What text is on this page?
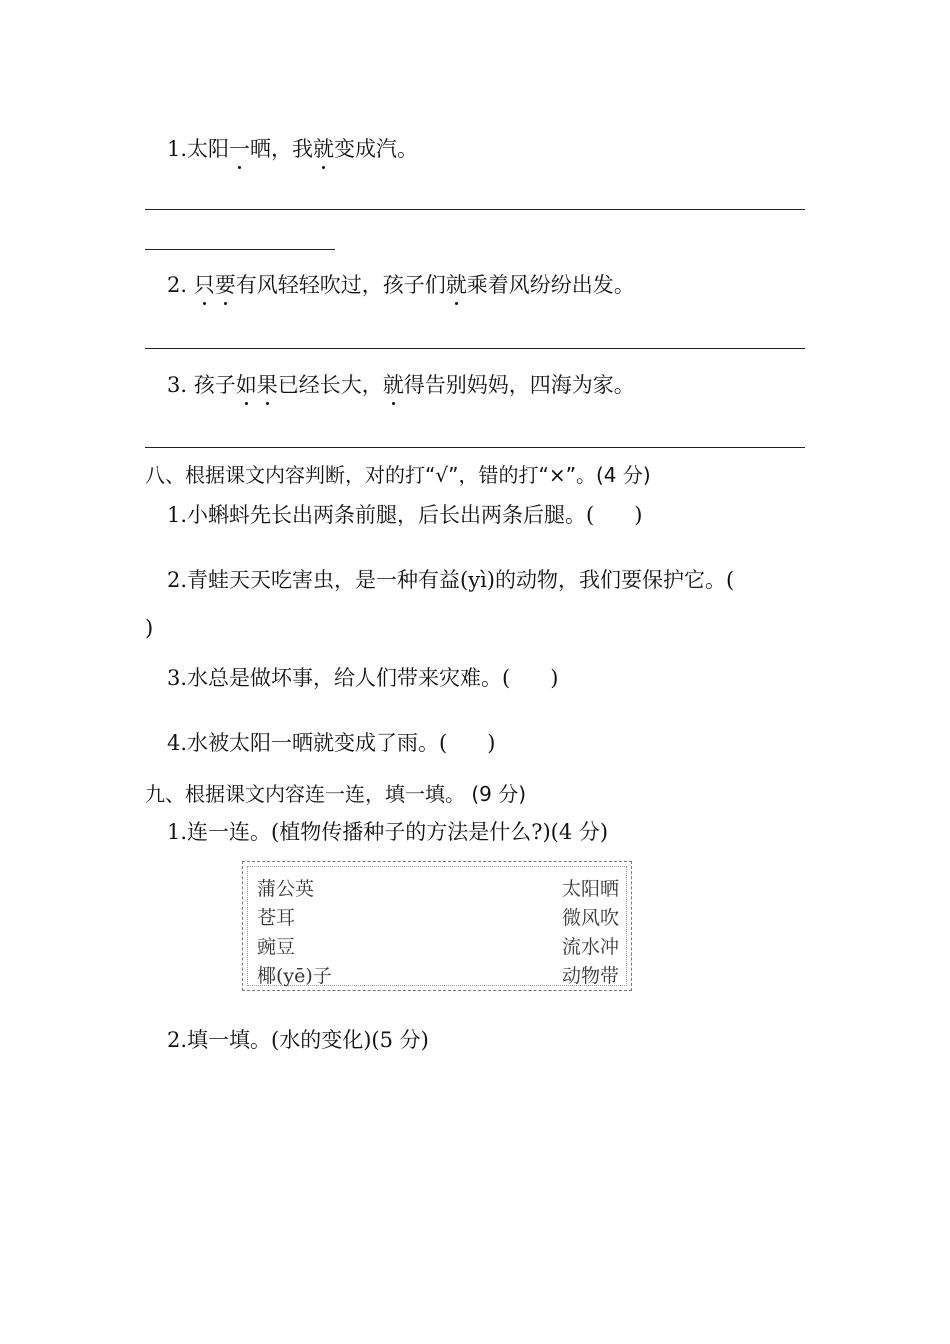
1.太阳一晒，我就变成汽。
2. 只要有风轻轻吹过，孩子们就乘着风纷纷出发。
3. 孩子如果已经长大，就得告别妈妈，四海为家。
八、根据课文内容判断，对的打“√”，错的打“×”。(4 分)
1.小蝌蚪先长出两条前腿，后长出两条后腿。( )
2.青蛙天天吃害虫，是一种有益(yì)的动物，我们要保护它。(
)
3.水总是做坏事，给人们带来灾难。( )
4.水被太阳一晒就变成了雨。( )
九、根据课文内容连一连，填一填。 (9 分)
1.连一连。(植物传播种子的方法是什么?)(4 分)
蒲公英
苍耳
豌豆
椰(yē)子
太阳晒
微风吹
流水冲
动物带
2.填一填。(水的变化)(5 分)
